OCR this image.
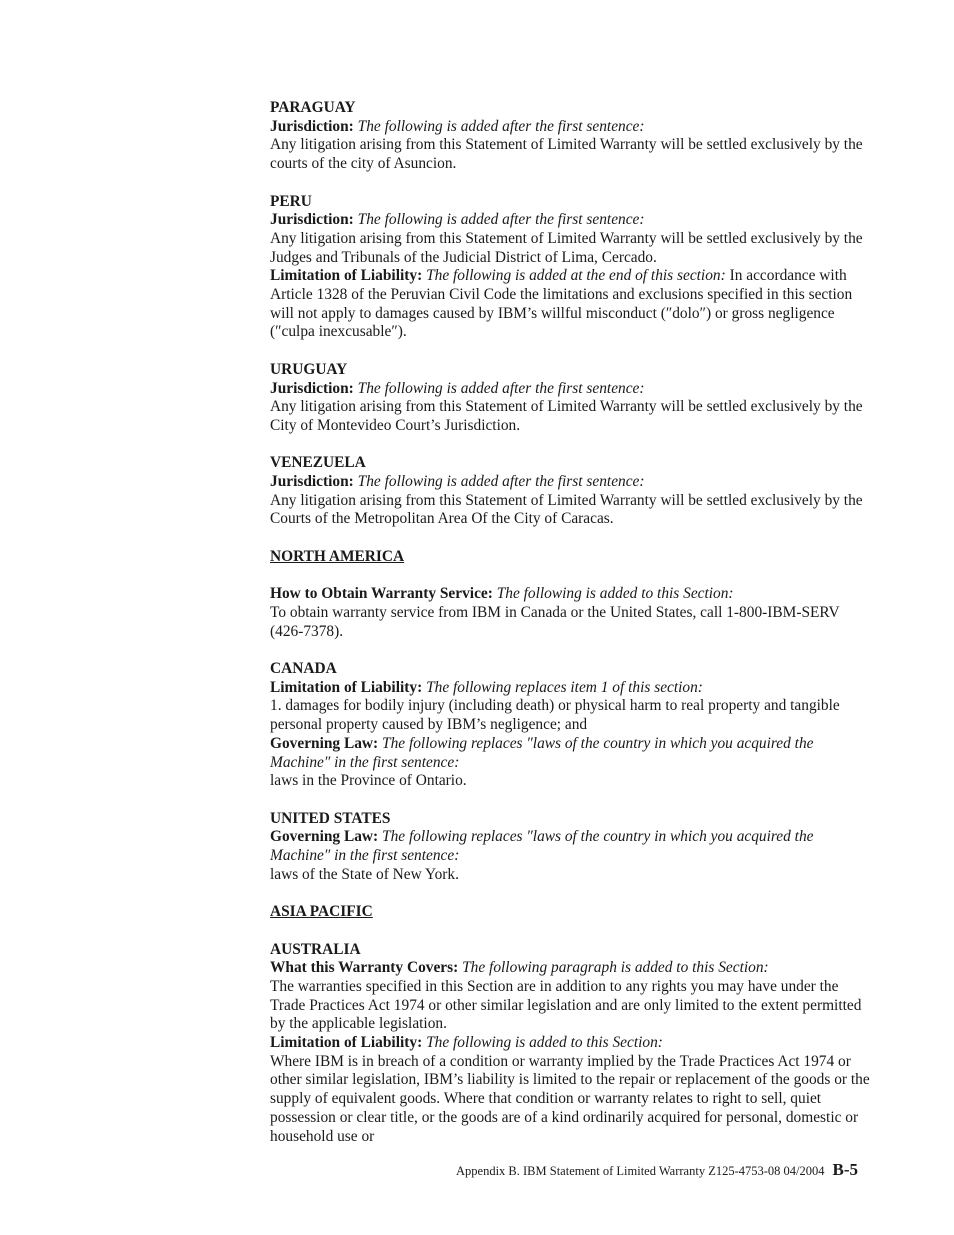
PARAGUAY
Jurisdiction: The following is added after the first sentence:
Any litigation arising from this Statement of Limited Warranty will be settled exclusively by the courts of the city of Asuncion.
PERU
Jurisdiction: The following is added after the first sentence:
Any litigation arising from this Statement of Limited Warranty will be settled exclusively by the Judges and Tribunals of the Judicial District of Lima, Cercado.
Limitation of Liability: The following is added at the end of this section: In accordance with Article 1328 of the Peruvian Civil Code the limitations and exclusions specified in this section will not apply to damages caused by IBM’s willful misconduct (″dolo″) or gross negligence (″culpa inexcusable″).
URUGUAY
Jurisdiction: The following is added after the first sentence:
Any litigation arising from this Statement of Limited Warranty will be settled exclusively by the City of Montevideo Court’s Jurisdiction.
VENEZUELA
Jurisdiction: The following is added after the first sentence:
Any litigation arising from this Statement of Limited Warranty will be settled exclusively by the Courts of the Metropolitan Area Of the City of Caracas.
NORTH AMERICA
How to Obtain Warranty Service: The following is added to this Section:
To obtain warranty service from IBM in Canada or the United States, call 1-800-IBM-SERV (426-7378).
CANADA
Limitation of Liability: The following replaces item 1 of this section:
1. damages for bodily injury (including death) or physical harm to real property and tangible personal property caused by IBM’s negligence; and
Governing Law: The following replaces ″laws of the country in which you acquired the Machine″ in the first sentence:
laws in the Province of Ontario.
UNITED STATES
Governing Law: The following replaces ″laws of the country in which you acquired the Machine″ in the first sentence:
laws of the State of New York.
ASIA PACIFIC
AUSTRALIA
What this Warranty Covers: The following paragraph is added to this Section:
The warranties specified in this Section are in addition to any rights you may have under the Trade Practices Act 1974 or other similar legislation and are only limited to the extent permitted by the applicable legislation.
Limitation of Liability: The following is added to this Section:
Where IBM is in breach of a condition or warranty implied by the Trade Practices Act 1974 or other similar legislation, IBM’s liability is limited to the repair or replacement of the goods or the supply of equivalent goods. Where that condition or warranty relates to right to sell, quiet possession or clear title, or the goods are of a kind ordinarily acquired for personal, domestic or household use or
Appendix B. IBM Statement of Limited Warranty Z125-4753-08 04/2004 B-5
